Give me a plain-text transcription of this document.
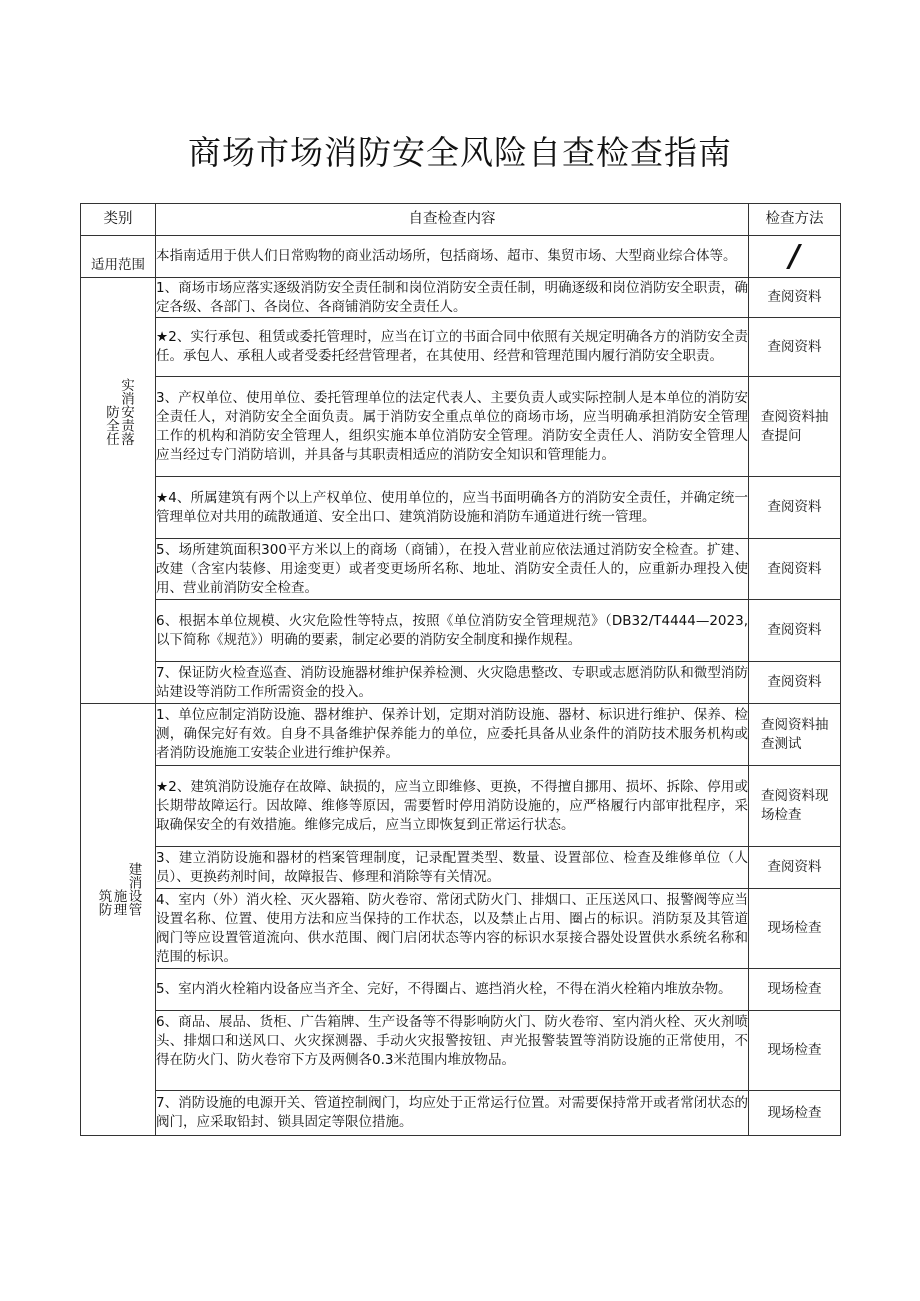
商场市场消防安全风险自查检查指南
类别	自查检查内容	检查方法
适用范围	本指南适用于供人们日常购物的商业活动场所，包括商场、超市、集贸市场、大型商业综合体等。	/
防全任实消安责落	1、商场市场应落实逐级消防安全责任制和岗位消防安全责任制，明确逐级和岗位消防安全职责，确定各级、各部门、各岗位、各商铺消防安全责任人。	查阅资料
	★2、实行承包、租赁或委托管理时，应当在订立的书面合同中依照有关规定明确各方的消防安全责任。承包人、承租人或者受委托经营管理者，在其使用、经营和管理范围内履行消防安全职责。	查阅资料
	3、产权单位、使用单位、委托管理单位的法定代表人、主要负责人或实际控制人是本单位的消防安全责任人，对消防安全全面负责。属于消防安全重点单位的商场市场，应当明确承担消防安全管理工作的机构和消防安全管理人，组织实施本单位消防安全管理。消防安全责任人、消防安全管理人应当经过专门消防培训，并具备与其职责相适应的消防安全知识和管理能力。	查阅资料抽查提问
	★4、所属建筑有两个以上产权单位、使用单位的，应当书面明确各方的消防安全责任，并确定统一管理单位对共用的疏散通道、安全出口、建筑消防设施和消防车通道进行统一管理。	查阅资料
	5、场所建筑面积300平方米以上的商场（商铺），在投入营业前应依法通过消防安全检查。扩建、改建（含室内装修、用途变更）或者变更场所名称、地址、消防安全责任人的，应重新办理投入使用、营业前消防安全检查。	查阅资料
	6、根据本单位规模、火灾危险性等特点，按照《单位消防安全管理规范》（DB32/T4444—2023,以下简称《规范》）明确的要素，制定必要的消防安全制度和操作规程。	查阅资料
	7、保证防火检查巡查、消防设施器材维护保养检测、火灾隐患整改、专职或志愿消防队和微型消防站建设等消防工作所需资金的投入。	查阅资料
筑防施理建消设管	1、单位应制定消防设施、器材维护、保养计划，定期对消防设施、器材、标识进行维护、保养、检测，确保完好有效。自身不具备维护保养能力的单位，应委托具备从业条件的消防技术服务机构或者消防设施施工安装企业进行维护保养。	查阅资料抽查测试
	★2、建筑消防设施存在故障、缺损的，应当立即维修、更换，不得擅自挪用、损坏、拆除、停用或长期带故障运行。因故障、维修等原因，需要暂时停用消防设施的，应严格履行内部审批程序，采取确保安全的有效措施。维修完成后，应当立即恢复到正常运行状态。	查阅资料现场检查
	3、建立消防设施和器材的档案管理制度，记录配置类型、数量、设置部位、检查及维修单位（人员）、更换药剂时间，故障报告、修理和消除等有关情况。	查阅资料
	4、室内（外）消火栓、灭火器箱、防火卷帘、常闭式防火门、排烟口、正压送风口、报警阀等应当设置名称、位置、使用方法和应当保持的工作状态，以及禁止占用、圈占的标识。消防泵及其管道阀门等应设置管道流向、供水范围、阀门启闭状态等内容的标识水泵接合器处设置供水系统名称和范围的标识。	现场检查
	5、室内消火栓箱内设备应当齐全、完好，不得圈占、遮挡消火栓，不得在消火栓箱内堆放杂物。	现场检查
	6、商品、展品、货柜、广告箱牌、生产设备等不得影响防火门、防火卷帘、室内消火栓、灭火剂喷头、排烟口和送风口、火灾探测器、手动火灾报警按钮、声光报警装置等消防设施的正常使用，不得在防火门、防火卷帘下方及两侧各0.3米范围内堆放物品。	现场检查
	7、消防设施的电源开关、管道控制阀门，均应处于正常运行位置。对需要保持常开或者常闭状态的阀门，应采取铅封、锁具固定等限位措施。	现场检查
